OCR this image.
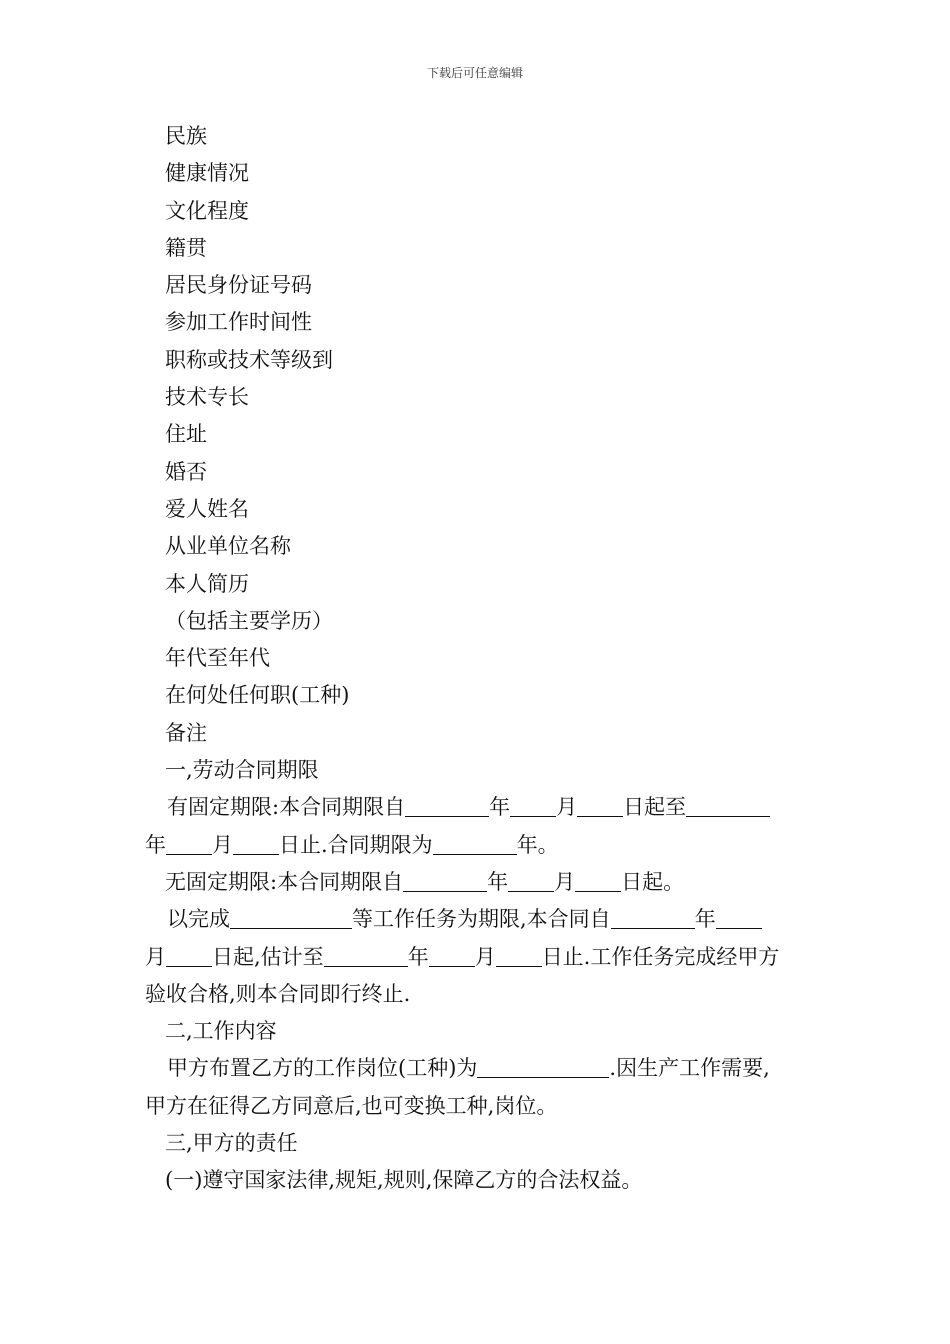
下载后可任意编辑
民族
健康情况
文化程度
籍贯
居民身份证号码
参加工作时间性
职称或技术等级到
技术专长
住址
婚否
爱人姓名
从业单位名称
本人简历
（包括主要学历）
年代至年代
在何处任何职(工种)
备注
一,劳动合同期限
有固定期限:本合同期限自	年 月 日起至
年 月 日止.合同期限为	年。
无固定期限:本合同期限自	年 月 日起。
以完成	等工作任务为期限,本合同自	年
月 日起,估计至	年 月 日止.工作任务完成经甲方
验收合格,则本合同即行终止.
二,工作内容
甲方布置乙方的工作岗位(工种)为	.因生产工作需要,
甲方在征得乙方同意后,也可变换工种,岗位。
三,甲方的责任
(一)遵守国家法律,规矩,规则,保障乙方的合法权益。
